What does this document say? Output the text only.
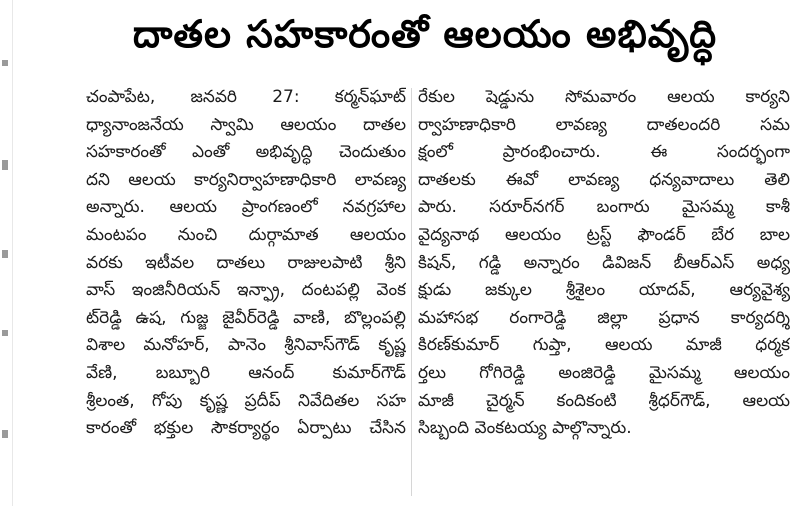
దాతల సహకారంతో ఆలయం అభివృద్ధి
చంపాపేట, జనవరి 27: కర్మన్‌ఘాట్
ధ్యానాంజనేయ స్వామి ఆలయం దాతల
సహకారంతో ఎంతో అభివృద్ధి చెందుతుం
దని ఆలయ కార్యనిర్వాహణాధికారి లావణ్య
అన్నారు. ఆలయ ప్రాంగణంలో నవగ్రహాల
మంటపం నుంచి దుర్గామాత ఆలయం
వరకు ఇటీవల దాతలు రాజులపాటి శ్రీని
వాస్ ఇంజినీరియన్ ఇన్ఫ్రా, దంటపల్లి వెంక
ట్‌రెడ్డి ఉష, గుజ్జ జైవీర్‌రెడ్డి వాణి, బొల్లంపల్లి
విశాల మనోహర్, పానెం శ్రీనివాస్‌గౌడ్ కృష్ణ
వేణి, బబ్బూరి ఆనంద్ కుమార్‌గౌడ్
శ్రీలంత, గోపు కృష్ణ ప్రదీప్ నివేదితల సహ
కారంతో భక్తుల సౌకర్యార్థం ఏర్పాటు చేసిన
రేకుల షెడ్డును సోమవారం ఆలయ కార్యని
ర్వాహణాధికారి లావణ్య దాతలందరి సమ
క్షంలో ప్రారంభించారు. ఈ సందర్భంగా
దాతలకు ఈవో లావణ్య ధన్యవాదాలు తెలి
పారు. సరూర్‌నగర్ బంగారు మైసమ్మ కాశీ
వైద్యనాథ ఆలయం ట్రస్ట్ ఫౌండర్ బేర బాల
కిషన్, గడ్డి అన్నారం డివిజన్ బీఆర్ఎస్ అధ్య
క్షుడు జక్కుల శ్రీశైలం యాదవ్, ఆర్యవైశ్య
మహాసభ రంగారెడ్డి జిల్లా ప్రధాన కార్యదర్శి
కిరణ్‌కుమార్ గుప్తా, ఆలయ మాజీ ధర్మక
ర్తలు గోగిరెడ్డి అంజిరెడ్డి మైసమ్మ ఆలయం
మాజీ చైర్మన్ కందికంటి శ్రీధర్‌గౌడ్, ఆలయ
సిబ్బంది వెంకటయ్య పాల్గొన్నారు.
